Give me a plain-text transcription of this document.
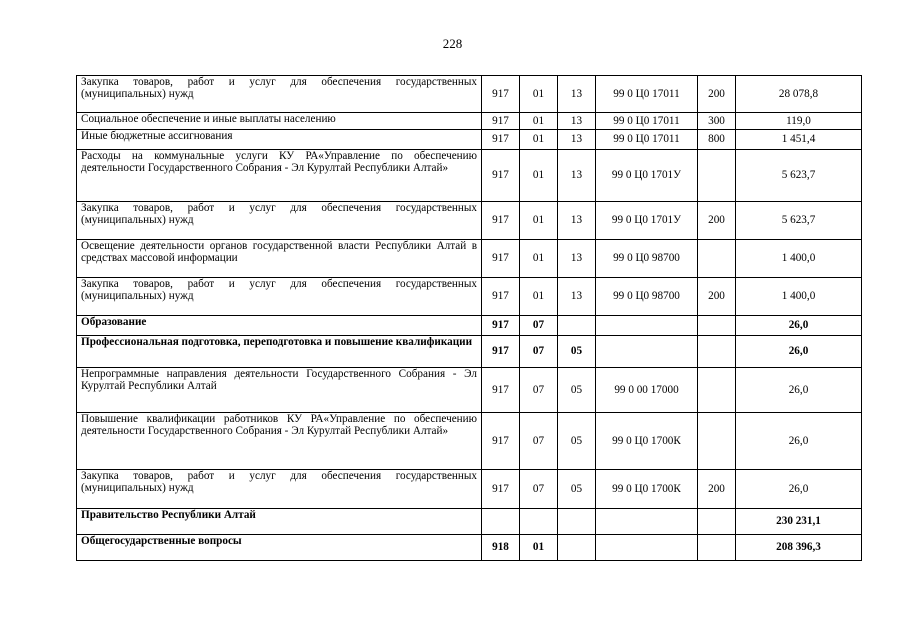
228
Закупка товаров, работ и услуг для обеспечения государственных (муниципальных) нужд	917	01	13	99 0 Ц0 17011	200	28 078,8
Социальное обеспечение и иные выплаты населению	917	01	13	99 0 Ц0 17011	300	119,0
Иные бюджетные ассигнования	917	01	13	99 0 Ц0 17011	800	1 451,4
Расходы на коммунальные услуги КУ РА«Управление по обеспечению деятельности Государственного Собрания - Эл Курултай Республики Алтай»	917	01	13	99 0 Ц0 1701У		5 623,7
Закупка товаров, работ и услуг для обеспечения государственных (муниципальных) нужд	917	01	13	99 0 Ц0 1701У	200	5 623,7
Освещение деятельности органов государственной власти Республики Алтай в средствах массовой информации	917	01	13	99 0 Ц0 98700		1 400,0
Закупка товаров, работ и услуг для обеспечения государственных (муниципальных) нужд	917	01	13	99 0 Ц0 98700	200	1 400,0
Образование	917	07				26,0
Профессиональная подготовка, переподготовка и повышение квалификации	917	07	05			26,0
Непрограммные направления деятельности Государственного Собрания - Эл Курултай Республики Алтай	917	07	05	99 0 00 17000		26,0
Повышение квалификации работников КУ РА«Управление по обеспечению деятельности Государственного Собрания - Эл Курултай Республики Алтай»	917	07	05	99 0 Ц0 1700К		26,0
Закупка товаров, работ и услуг для обеспечения государственных (муниципальных) нужд	917	07	05	99 0 Ц0 1700К	200	26,0
Правительство Республики Алтай						230 231,1
Общегосударственные вопросы	918	01				208 396,3
